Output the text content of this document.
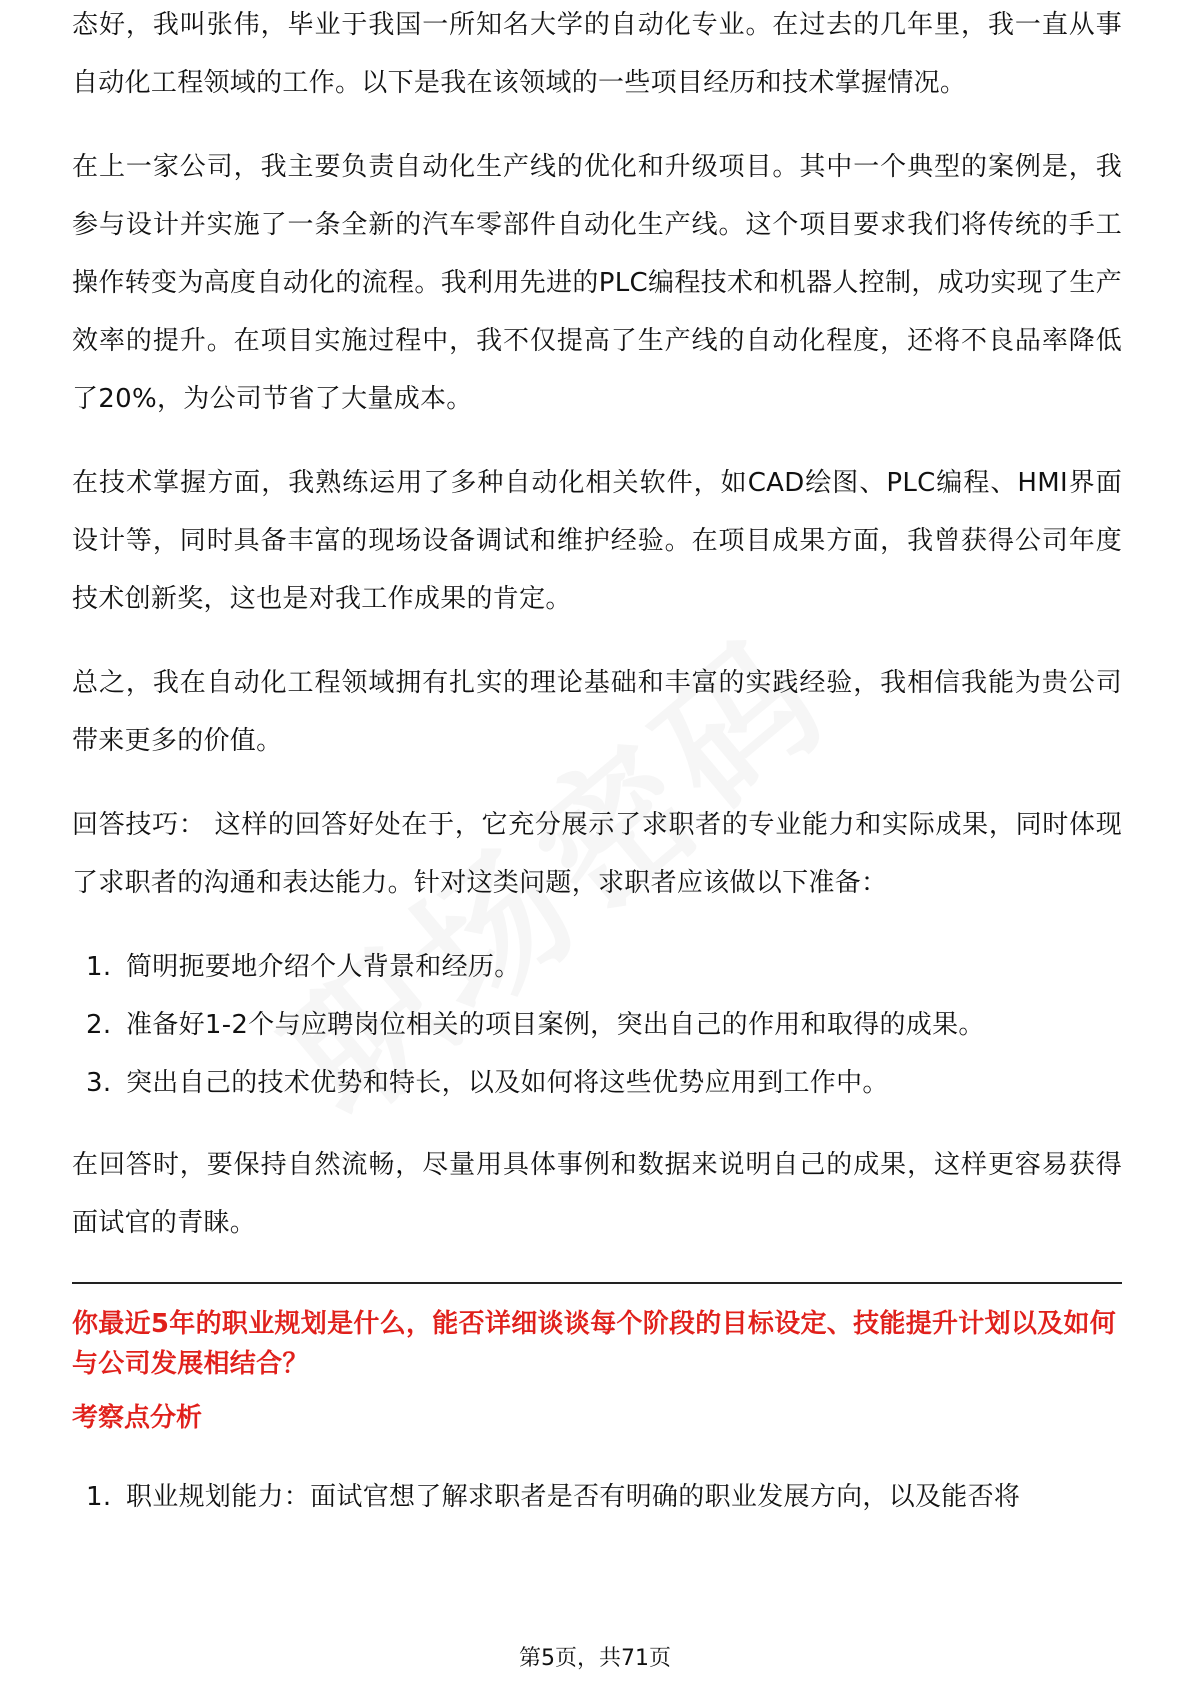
态好，我叫张伟，毕业于我国一所知名大学的自动化专业。在过去的几年里，我一直从事自动化工程领域的工作。以下是我在该领域的一些项目经历和技术掌握情况。

在上一家公司，我主要负责自动化生产线的优化和升级项目。其中一个典型的案例是，我参与设计并实施了一条全新的汽车零部件自动化生产线。这个项目要求我们将传统的手工操作转变为高度自动化的流程。我利用先进的PLC编程技术和机器人控制，成功实现了生产效率的提升。在项目实施过程中，我不仅提高了生产线的自动化程度，还将不良品率降低了20%，为公司节省了大量成本。

在技术掌握方面，我熟练运用了多种自动化相关软件，如CAD绘图、PLC编程、HMI界面设计等，同时具备丰富的现场设备调试和维护经验。在项目成果方面，我曾获得公司年度技术创新奖，这也是对我工作成果的肯定。

总之，我在自动化工程领域拥有扎实的理论基础和丰富的实践经验，我相信我能为贵公司带来更多的价值。

回答技巧： 这样的回答好处在于，它充分展示了求职者的专业能力和实际成果，同时体现了求职者的沟通和表达能力。针对这类问题，求职者应该做以下准备：

1. 简明扼要地介绍个人背景和经历。
2. 准备好1-2个与应聘岗位相关的项目案例，突出自己的作用和取得的成果。
3. 突出自己的技术优势和特长，以及如何将这些优势应用到工作中。

在回答时，要保持自然流畅，尽量用具体事例和数据来说明自己的成果，这样更容易获得面试官的青睐。

你最近5年的职业规划是什么，能否详细谈谈每个阶段的目标设定、技能提升计划以及如何与公司发展相结合？
考察点分析
1. 职业规划能力：面试官想了解求职者是否有明确的职业发展方向，以及能否将
第5页，共71页
